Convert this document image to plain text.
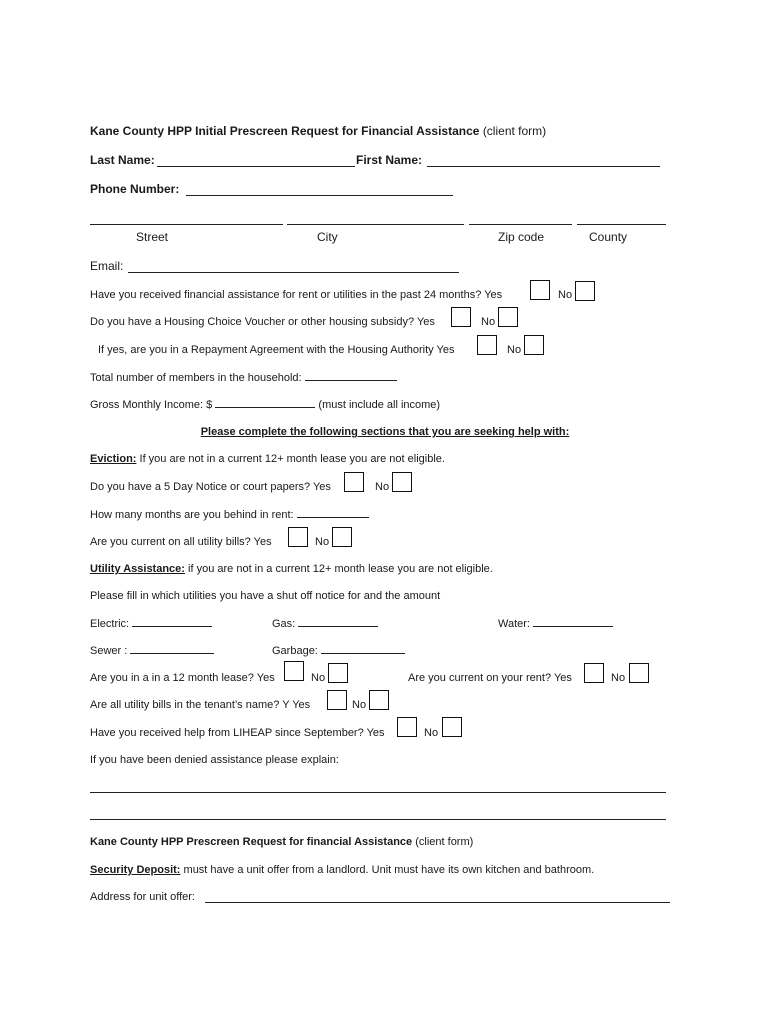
Kane County HPP Initial Prescreen Request for Financial Assistance (client form)
Last Name:	First Name:
Phone Number:
Street	City	Zip code	County
Email:
Have you received financial assistance for rent or utilities in the past 24 months? Yes	No
Do you have a Housing Choice Voucher or other housing subsidy? Yes	No
If yes, are you in a Repayment Agreement with the Housing Authority Yes	No
Total number of members in the household:
Gross Monthly Income: $	(must include all income)
Please complete the following sections that you are seeking help with:
Eviction: If you are not in a current 12+ month lease you are not eligible.
Do you have a 5 Day Notice or court papers? Yes	No
How many months are you behind in rent:
Are you current on all utility bills? Yes	No
Utility Assistance: if you are not in a current 12+ month lease you are not eligible.
Please fill in which utilities you have a shut off notice for and the amount
Electric:	Gas:	Water:
Sewer :	Garbage:
Are you in a in a 12 month lease? Yes	No	Are you current on your rent? Yes	No
Are all utility bills in the tenant’s name? Y Yes	No
Have you received help from LIHEAP since September? Yes	No
If you have been denied assistance please explain:
Kane County HPP Prescreen Request for financial Assistance (client form)
Security Deposit: must have a unit offer from a landlord. Unit must have its own kitchen and bathroom.
Address for unit offer:
